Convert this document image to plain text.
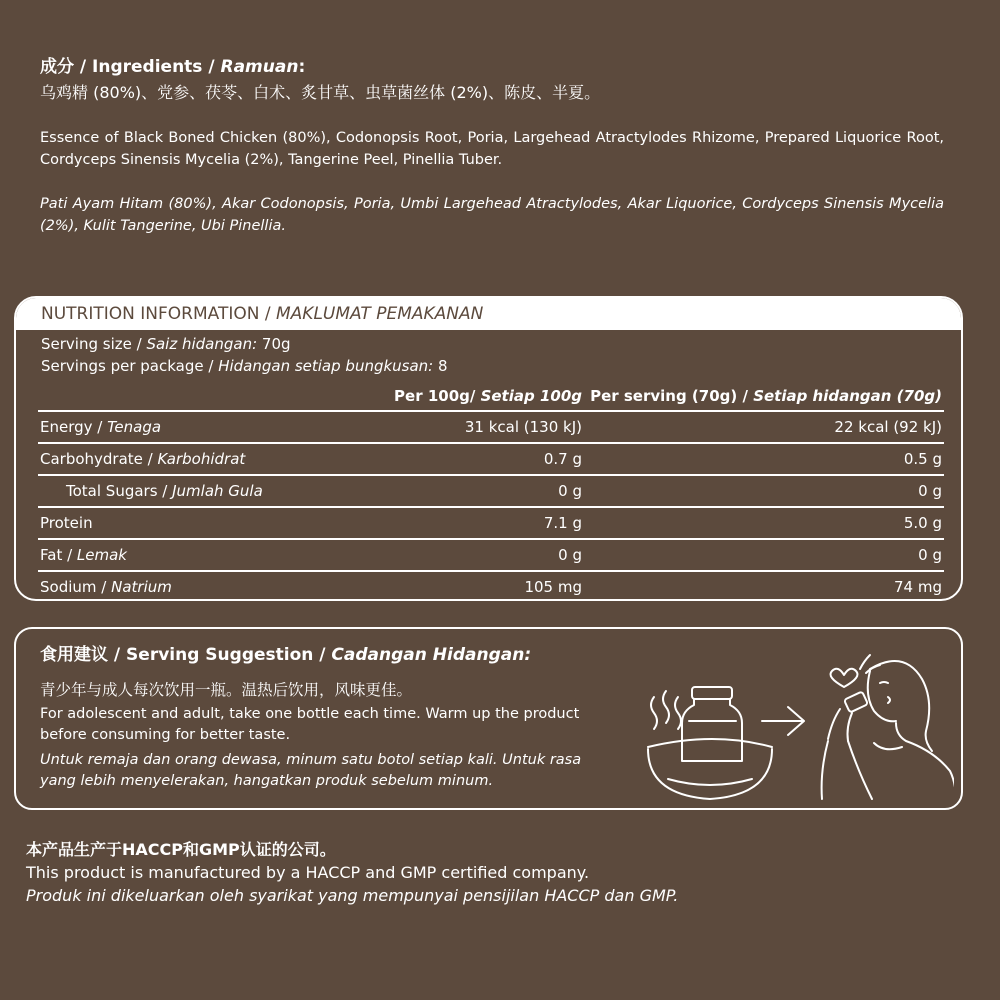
成分 / Ingredients / Ramuan:
乌鸡精 (80%)、党参、茯苓、白术、炙甘草、虫草菌丝体 (2%)、陈皮、半夏。
Essence of Black Boned Chicken (80%), Codonopsis Root, Poria, Largehead Atractylodes Rhizome, Prepared Liquorice Root, Cordyceps Sinensis Mycelia (2%), Tangerine Peel, Pinellia Tuber.
Pati Ayam Hitam (80%), Akar Codonopsis, Poria, Umbi Largehead Atractylodes, Akar Liquorice, Cordyceps Sinensis Mycelia (2%), Kulit Tangerine, Ubi Pinellia.
NUTRITION INFORMATION / MAKLUMAT PEMAKANAN
Serving size / Saiz hidangan: 70g
Servings per package / Hidangan setiap bungkusan: 8
	Per 100g/ Setiap 100g	Per serving (70g) / Setiap hidangan (70g)
Energy / Tenaga	31 kcal (130 kJ)	22 kcal (92 kJ)
Carbohydrate / Karbohidrat	0.7 g	0.5 g
Total Sugars / Jumlah Gula	0 g	0 g
Protein	7.1 g	5.0 g
Fat / Lemak	0 g	0 g
Sodium / Natrium	105 mg	74 mg
食用建议 / Serving Suggestion / Cadangan Hidangan:
青少年与成人每次饮用一瓶。温热后饮用，风味更佳。
For adolescent and adult, take one bottle each time. Warm up the product before consuming for better taste.
Untuk remaja dan orang dewasa, minum satu botol setiap kali. Untuk rasa yang lebih menyelerakan, hangatkan produk sebelum minum.
本产品生产于HACCP和GMP认证的公司。
This product is manufactured by a HACCP and GMP certified company.
Produk ini dikeluarkan oleh syarikat yang mempunyai pensijilan HACCP dan GMP.
